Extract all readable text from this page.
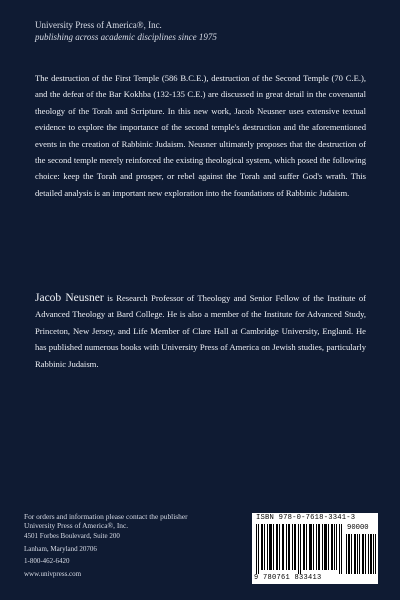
University Press of America®, Inc.
publishing across academic disciplines since 1975
The destruction of the First Temple (586 B.C.E.), destruction of the Second Temple (70 C.E.), and the defeat of the Bar Kokhba (132-135 C.E.) are discussed in great detail in the covenantal theology of the Torah and Scripture. In this new work, Jacob Neusner uses extensive textual evidence to explore the importance of the second temple's destruction and the aforementioned events in the creation of Rabbinic Judaism. Neusner ultimately proposes that the destruction of the second temple merely reinforced the existing theological system, which posed the following choice: keep the Torah and prosper, or rebel against the Torah and suffer God's wrath. This detailed analysis is an important new exploration into the foundations of Rabbinic Judaism.
Jacob Neusner is Research Professor of Theology and Senior Fellow of the Institute of Advanced Theology at Bard College. He is also a member of the Institute for Advanced Study, Princeton, New Jersey, and Life Member of Clare Hall at Cambridge University, England. He has published numerous books with University Press of America on Jewish studies, particularly Rabbinic Judaism.
For orders and information please contact the publisher
University Press of America®, Inc.
4501 Forbes Boulevard, Suite 200
Lanham, Maryland 20706
1-800-462-6420
www.univpress.com
ISBN 978-0-7618-3341-3
90000
9 780761 833413
